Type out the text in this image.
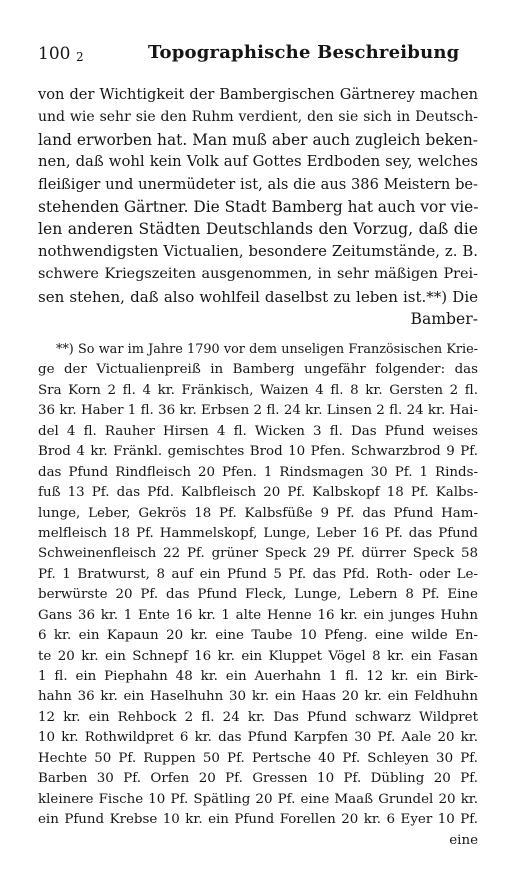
100 2	Topographische Beschreibung
von der Wichtigkeit der Bambergischen Gärtnerey machen
und wie sehr sie den Ruhm verdient, den sie sich in Deutsch-
land erworben hat. Man muß aber auch zugleich beken-
nen, daß wohl kein Volk auf Gottes Erdboden sey, welches
fleißiger und unermüdeter ist, als die aus 386 Meistern be-
stehenden Gärtner. Die Stadt Bamberg hat auch vor vie-
len anderen Städten Deutschlands den Vorzug, daß die
nothwendigsten Victualien, besondere Zeitumstände, z. B.
schwere Kriegszeiten ausgenommen, in sehr mäßigen Prei-
sen stehen, daß also wohlfeil daselbst zu leben ist.**) Die
Bamber-
**) So war im Jahre 1790 vor dem unseligen Französischen Krie-
ge der Victualienpreiß in Bamberg ungefähr folgender: das
Sra Korn 2 fl. 4 kr. Fränkisch, Waizen 4 fl. 8 kr. Gersten 2 fl.
36 kr. Haber 1 fl. 36 kr. Erbsen 2 fl. 24 kr. Linsen 2 fl. 24 kr. Hai-
del 4 fl. Rauher Hirsen 4 fl. Wicken 3 fl. Das Pfund weises
Brod 4 kr. Fränkl. gemischtes Brod 10 Pfen. Schwarzbrod 9 Pf.
das Pfund Rindfleisch 20 Pfen. 1 Rindsmagen 30 Pf. 1 Rinds-
fuß 13 Pf. das Pfd. Kalbfleisch 20 Pf. Kalbskopf 18 Pf. Kalbs-
lunge, Leber, Gekrös 18 Pf. Kalbsfüße 9 Pf. das Pfund Ham-
melfleisch 18 Pf. Hammelskopf, Lunge, Leber 16 Pf. das Pfund
Schweinenfleisch 22 Pf. grüner Speck 29 Pf. dürrer Speck 58
Pf. 1 Bratwurst, 8 auf ein Pfund 5 Pf. das Pfd. Roth- oder Le-
berwürste 20 Pf. das Pfund Fleck, Lunge, Lebern 8 Pf. Eine
Gans 36 kr. 1 Ente 16 kr. 1 alte Henne 16 kr. ein junges Huhn
6 kr. ein Kapaun 20 kr. eine Taube 10 Pfeng. eine wilde En-
te 20 kr. ein Schnepf 16 kr. ein Kluppet Vögel 8 kr. ein Fasan
1 fl. ein Piephahn 48 kr. ein Auerhahn 1 fl. 12 kr. ein Birk-
hahn 36 kr. ein Haselhuhn 30 kr. ein Haas 20 kr. ein Feldhuhn
12 kr. ein Rehbock 2 fl. 24 kr. Das Pfund schwarz Wildpret
10 kr. Rothwildpret 6 kr. das Pfund Karpfen 30 Pf. Aale 20 kr.
Hechte 50 Pf. Ruppen 50 Pf. Pertsche 40 Pf. Schleyen 30 Pf.
Barben 30 Pf. Orfen 20 Pf. Gressen 10 Pf. Dübling 20 Pf.
kleinere Fische 10 Pf. Spätling 20 Pf. eine Maaß Grundel 20 kr.
ein Pfund Krebse 10 kr. ein Pfund Forellen 20 kr. 6 Eyer 10 Pf.
eine
